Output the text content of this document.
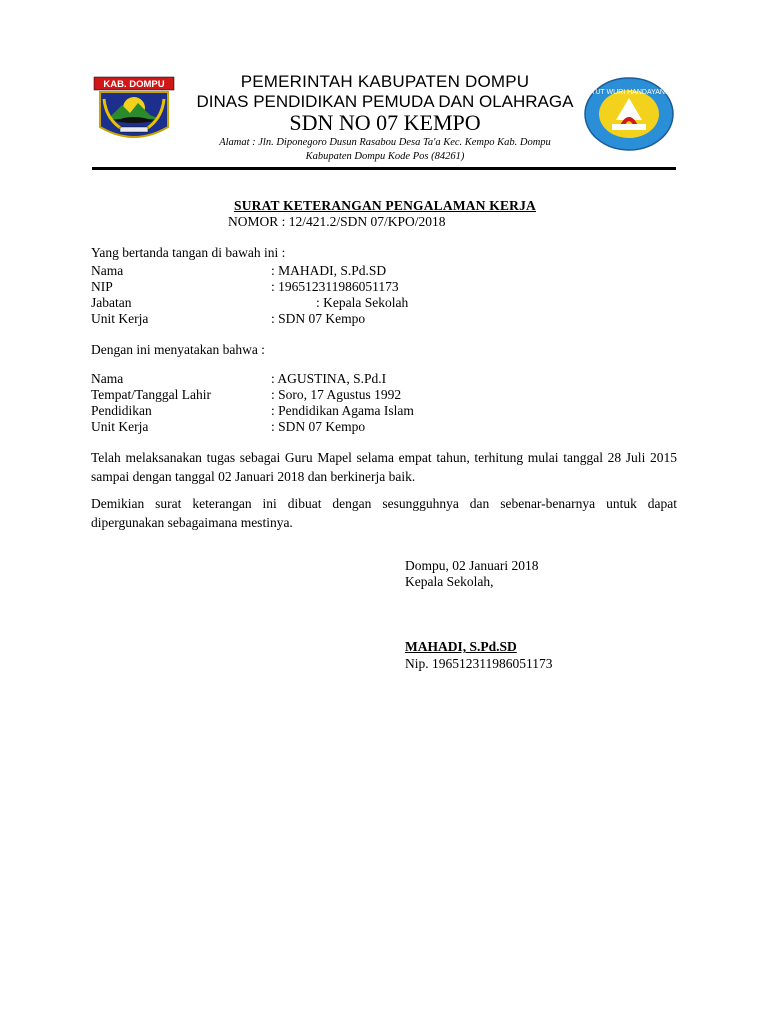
KAB. DOMPU
TUT WURI HANDAYANI
PEMERINTAH KABUPATEN DOMPU
DINAS PENDIDIKAN PEMUDA DAN OLAHRAGA
SDN NO 07 KEMPO
Alamat : Jln. Diponegoro Dusun Rasabou Desa Ta'a Kec. Kempo Kab. Dompu
Kabupaten Dompu Kode Pos (84261)
SURAT KETERANGAN PENGALAMAN KERJA
NOMOR : 12/421.2/SDN 07/KPO/2018
Yang bertanda tangan di bawah ini :
Nama	: MAHADI, S.Pd.SD
NIP	: 196512311986051173
Jabatan	: Kepala Sekolah
Unit Kerja	: SDN 07 Kempo
Dengan ini menyatakan bahwa :
Nama	: AGUSTINA, S.Pd.I
Tempat/Tanggal Lahir	: Soro, 17 Agustus 1992
Pendidikan	: Pendidikan Agama Islam
Unit Kerja	: SDN 07 Kempo
Telah melaksanakan tugas sebagai Guru Mapel selama empat tahun, terhitung mulai tanggal 28 Juli 2015 sampai dengan tanggal 02 Januari 2018 dan berkinerja baik.
Demikian surat keterangan ini dibuat dengan sesungguhnya dan sebenar-benarnya untuk dapat dipergunakan sebagaimana mestinya.
Dompu, 02 Januari 2018
Kepala Sekolah,
MAHADI, S.Pd.SD
Nip. 196512311986051173
